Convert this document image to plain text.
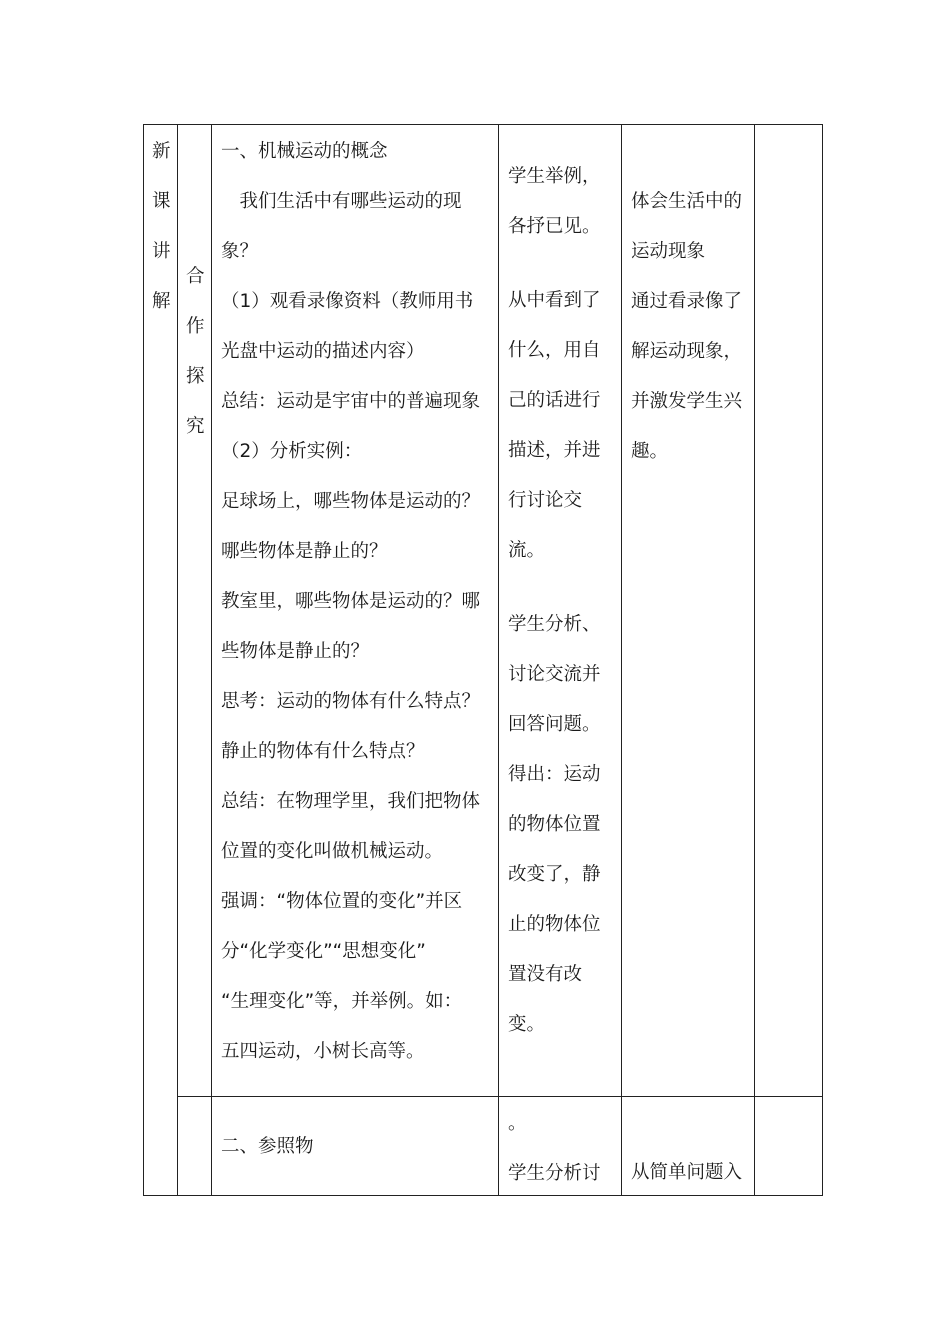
新
课
讲
解
合
作
探
究
一、机械运动的概念
　我们生活中有哪些运动的现
象？
（1）观看录像资料（教师用书
光盘中运动的描述内容）
总结：运动是宇宙中的普遍现象
（2）分析实例：
足球场上，哪些物体是运动的？
哪些物体是静止的？
教室里，哪些物体是运动的？哪
些物体是静止的？
思考：运动的物体有什么特点？
静止的物体有什么特点？
总结：在物理学里，我们把物体
位置的变化叫做机械运动。
强调：“物体位置的变化”并区
分“化学变化”“思想变化”
“生理变化”等，并举例。如：
五四运动，小树长高等。
学生举例，
各抒已见。
从中看到了
什么，用自
己的话进行
描述，并进
行讨论交
流。
学生分析、
讨论交流并
回答问题。
得出：运动
的物体位置
改变了，静
止的物体位
置没有改
变。
体会生活中的
运动现象
通过看录像了
解运动现象，
并激发学生兴
趣。
二、参照物
。
学生分析讨	从简单问题入
